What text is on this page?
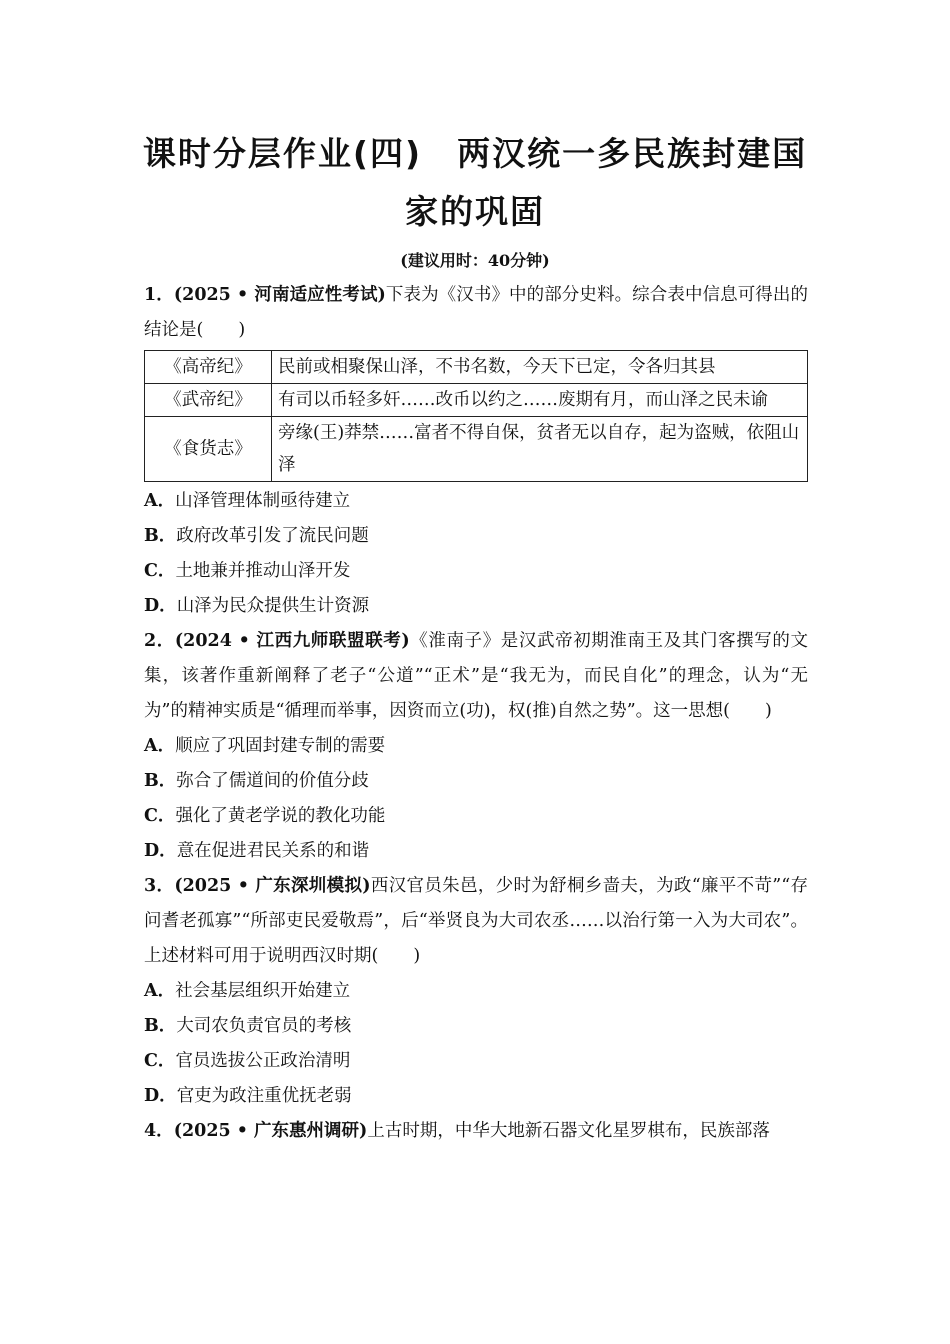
课时分层作业(四)　两汉统一多民族封建国
家的巩固
(建议用时：40分钟)

1．(2025 • 河南适应性考试)下表为《汉书》中的部分史料。综合表中信息可得出的结论是(　　)

《高帝纪》	民前或相聚保山泽，不书名数，今天下已定，令各归其县
《武帝纪》	有司以币轻多奸……改币以约之……废期有月，而山泽之民未谕
《食货志》	旁缘(王)莽禁……富者不得自保，贫者无以自存，起为盗贼，依阻山泽

A．山泽管理体制亟待建立

B．政府改革引发了流民问题

C．土地兼并推动山泽开发

D．山泽为民众提供生计资源

2．(2024 • 江西九师联盟联考)《淮南子》是汉武帝初期淮南王及其门客撰写的文集，该著作重新阐释了老子“公道”“正术”是“我无为，而民自化”的理念，认为“无为”的精神实质是“循理而举事，因资而立(功)，权(推)自然之势”。这一思想(　　)

A．顺应了巩固封建专制的需要

B．弥合了儒道间的价值分歧

C．强化了黄老学说的教化功能

D．意在促进君民关系的和谐

3．(2025 • 广东深圳模拟)西汉官员朱邑，少时为舒桐乡啬夫，为政“廉平不苛”“存问耆老孤寡”“所部吏民爱敬焉”，后“举贤良为大司农丞……以治行第一入为大司农”。上述材料可用于说明西汉时期(　　)

A．社会基层组织开始建立

B．大司农负责官员的考核

C．官员选拔公正政治清明

D．官吏为政注重优抚老弱

4．(2025 • 广东惠州调研)上古时期，中华大地新石器文化星罗棋布，民族部落
